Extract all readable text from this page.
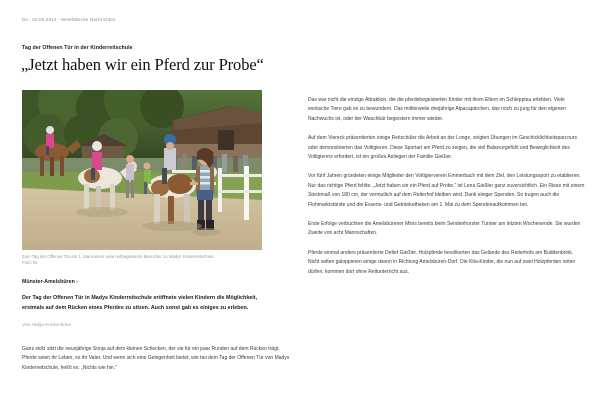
Do., 02.05.2013 - Westfälische Nachrichten
Tag der Offenen Tür in der Kinderreitschule
„Jetzt haben wir ein Pferd zur Probe“
Zum Tag der Offenen Tür am 1. Mai kamen viele reitbegeisterte Besucher zu Madys Kinderreitschule. Foto: hk
Münster-Amelsbüren -
Der Tag der Offenen Tür in Madys Kinderreitschule eröffnete vielen Kindern die Möglichkeit, erstmals auf dem Rücken eines Pferdes zu sitzen. Auch sonst gab es einiges zu erleben.
Von Helga Kretzschmar
Ganz stolz sitzt die neunjährige Sonja auf dem kleinen Schecken, der sie für ein paar Runden auf dem Rücken trägt. Pferde seien ihr Leben, so ihr Vater. Und wenn sich eine Gelegenheit bietet, wie bei dem Tag der Offenen Tür von Madys Kinderreitschule, heißt es: „Nichts wie hin.“

Das war nicht die einzige Attraktion, die die pferdebegeisterten Kinder mit ihren Eltern im Schlepptau erlebten. Viele exotische Tiere gab es zu bewundern. Das mittlerweile dreijährige Alpacapärchen, das noch zu jung für den eigenen Nachwuchs ist, oder der Waschbär begeistern immer wieder.

Auf dem Viereck präsentierten einige Reitschüler die Arbeit an der Longe, zeigten Übungen im Geschicklichkeitsparcours oder demonstrierten das Voltigieren. Diese Sportart am Pferd zu zeigen, die viel Balancegefühl und Beweglichkeit des Voltigierers erfordert, ist ein großes Anliegen der Familie Gießler.

Vor fünf Jahren gründeten einige Mitglieder den Voltigierverein Emmerbach mit dem Ziel, den Leistungssport zu etablieren. Nur das richtige Pferd fehlte. „Jetzt haben wir ein Pferd auf Probe,“ ist Lena Gießler ganz zuversichtlich. Ein Riese mit einem Stockmaß von 180 cm, der vermutlich auf dem Reiterhof bleiben wird. Dank einiger Spenden. So trugen auch die Flohmarktstände und die Essens- und Getränketheken am 1. Mai zu dem Spendenaufkommen bei.

Erste Erfolge verbuchten die Amelsbürener Minis bereits beim Sendenhorster Turnier am letzten Wochenende. Sie wurden Zweite von acht Mannschaften.

Pferde einmal anders präsentierte Detlef Gießler. Holzpferde bevölkerten das Gelände des Reiterhofs am Buddenbrink. Nicht selten galoppieren einige davon in Richtung Amelsbüren-Dorf. Die Kita-Kinder, die nun auf zwei Holzpferden reiten dürfen, kommen dort ohne Reitunterricht aus.
